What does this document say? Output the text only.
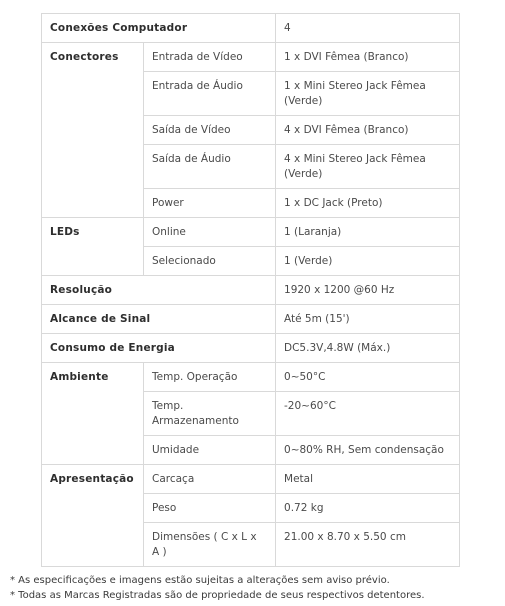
Conexões Computador		4
Conectores	Entrada de Vídeo	1 x DVI Fêmea (Branco)
	Entrada de Áudio	1 x Mini Stereo Jack Fêmea (Verde)
	Saída de Vídeo	4 x DVI Fêmea (Branco)
	Saída de Áudio	4 x Mini Stereo Jack Fêmea (Verde)
	Power	1 x DC Jack (Preto)
LEDs	Online	1 (Laranja)
	Selecionado	1 (Verde)
Resolução		1920 x 1200 @60 Hz
Alcance de Sinal		Até 5m (15')
Consumo de Energia		DC5.3V,4.8W (Máx.)
Ambiente	Temp. Operação	0~50°C
	Temp. Armazenamento	-20~60°C
	Umidade	0~80% RH, Sem condensação
Apresentação	Carcaça	Metal
	Peso	0.72 kg
	Dimensões ( C x L x A )	21.00 x 8.70 x 5.50 cm

* As especificações e imagens estão sujeitas a alterações sem aviso prévio.

* Todas as Marcas Registradas são de propriedade de seus respectivos detentores.
